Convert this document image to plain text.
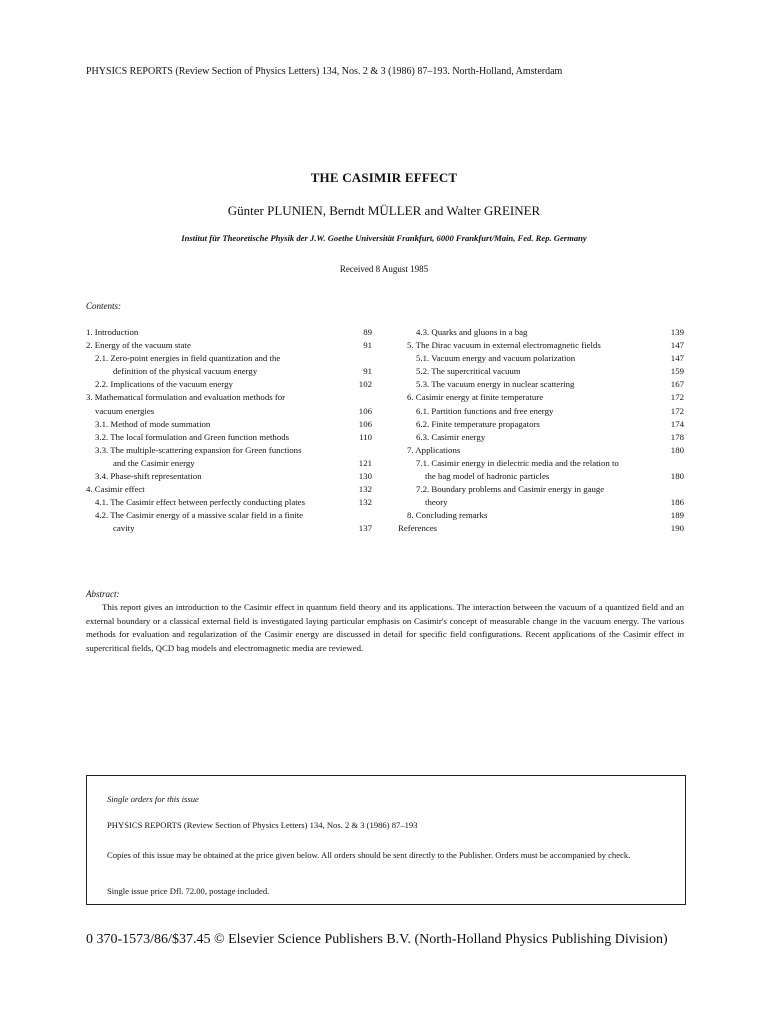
PHYSICS REPORTS (Review Section of Physics Letters) 134, Nos. 2 & 3 (1986) 87–193. North-Holland, Amsterdam
THE CASIMIR EFFECT
Günter PLUNIEN, Berndt MÜLLER and Walter GREINER
Institut für Theoretische Physik der J.W. Goethe Universität Frankfurt, 6000 Frankfurt/Main, Fed. Rep. Germany
Received 8 August 1985
Contents:
1. Introduction	89
2. Energy of the vacuum state	91
2.1. Zero-point energies in field quantization and the
definition of the physical vacuum energy	91
2.2. Implications of the vacuum energy	102
3. Mathematical formulation and evaluation methods for
vacuum energies	106
3.1. Method of mode summation	106
3.2. The local formulation and Green function methods	110
3.3. The multiple-scattering expansion for Green functions
and the Casimir energy	121
3.4. Phase-shift representation	130
4. Casimir effect	132
4.1. The Casimir effect between perfectly conducting plates	132
4.2. The Casimir energy of a massive scalar field in a finite
cavity	137
4.3. Quarks and gluons in a bag	139
5. The Dirac vacuum in external electromagnetic fields	147
5.1. Vacuum energy and vacuum polarization	147
5.2. The supercritical vacuum	159
5.3. The vacuum energy in nuclear scattering	167
6. Casimir energy at finite temperature	172
6.1. Partition functions and free energy	172
6.2. Finite temperature propagators	174
6.3. Casimir energy	178
7. Applications	180
7.1. Casimir energy in dielectric media and the relation to
the bag model of hadronic particles	180
7.2. Boundary problems and Casimir energy in gauge
theory	186
8. Concluding remarks	189
References	190
Abstract:
This report gives an introduction to the Casimir effect in quantum field theory and its applications. The interaction between the vacuum of a quantized field and an external boundary or a classical external field is investigated laying particular emphasis on Casimir's concept of measurable change in the vacuum energy. The various methods for evaluation and regularization of the Casimir energy are discussed in detail for specific field configurations. Recent applications of the Casimir effect in supercritical fields, QCD bag models and electromagnetic media are reviewed.
Single orders for this issue
PHYSICS REPORTS (Review Section of Physics Letters) 134, Nos. 2 & 3 (1986) 87–193
Copies of this issue may be obtained at the price given below. All orders should be sent directly to the Publisher. Orders must be accompanied by check.
Single issue price Dfl. 72.00, postage included.
0 370-1573/86/$37.45 © Elsevier Science Publishers B.V. (North-Holland Physics Publishing Division)
